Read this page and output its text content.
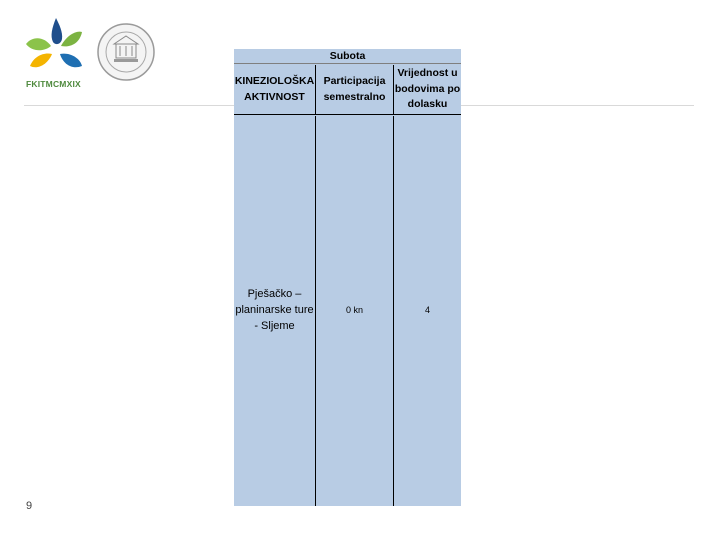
FKITMCMXIX
Subota
KINEZIOLOŠKA AKTIVNOST
Participacija semestralno
Vrijednost u bodovima po dolasku
Pješačko – planinarske ture - Sljeme
0 kn	4
9
